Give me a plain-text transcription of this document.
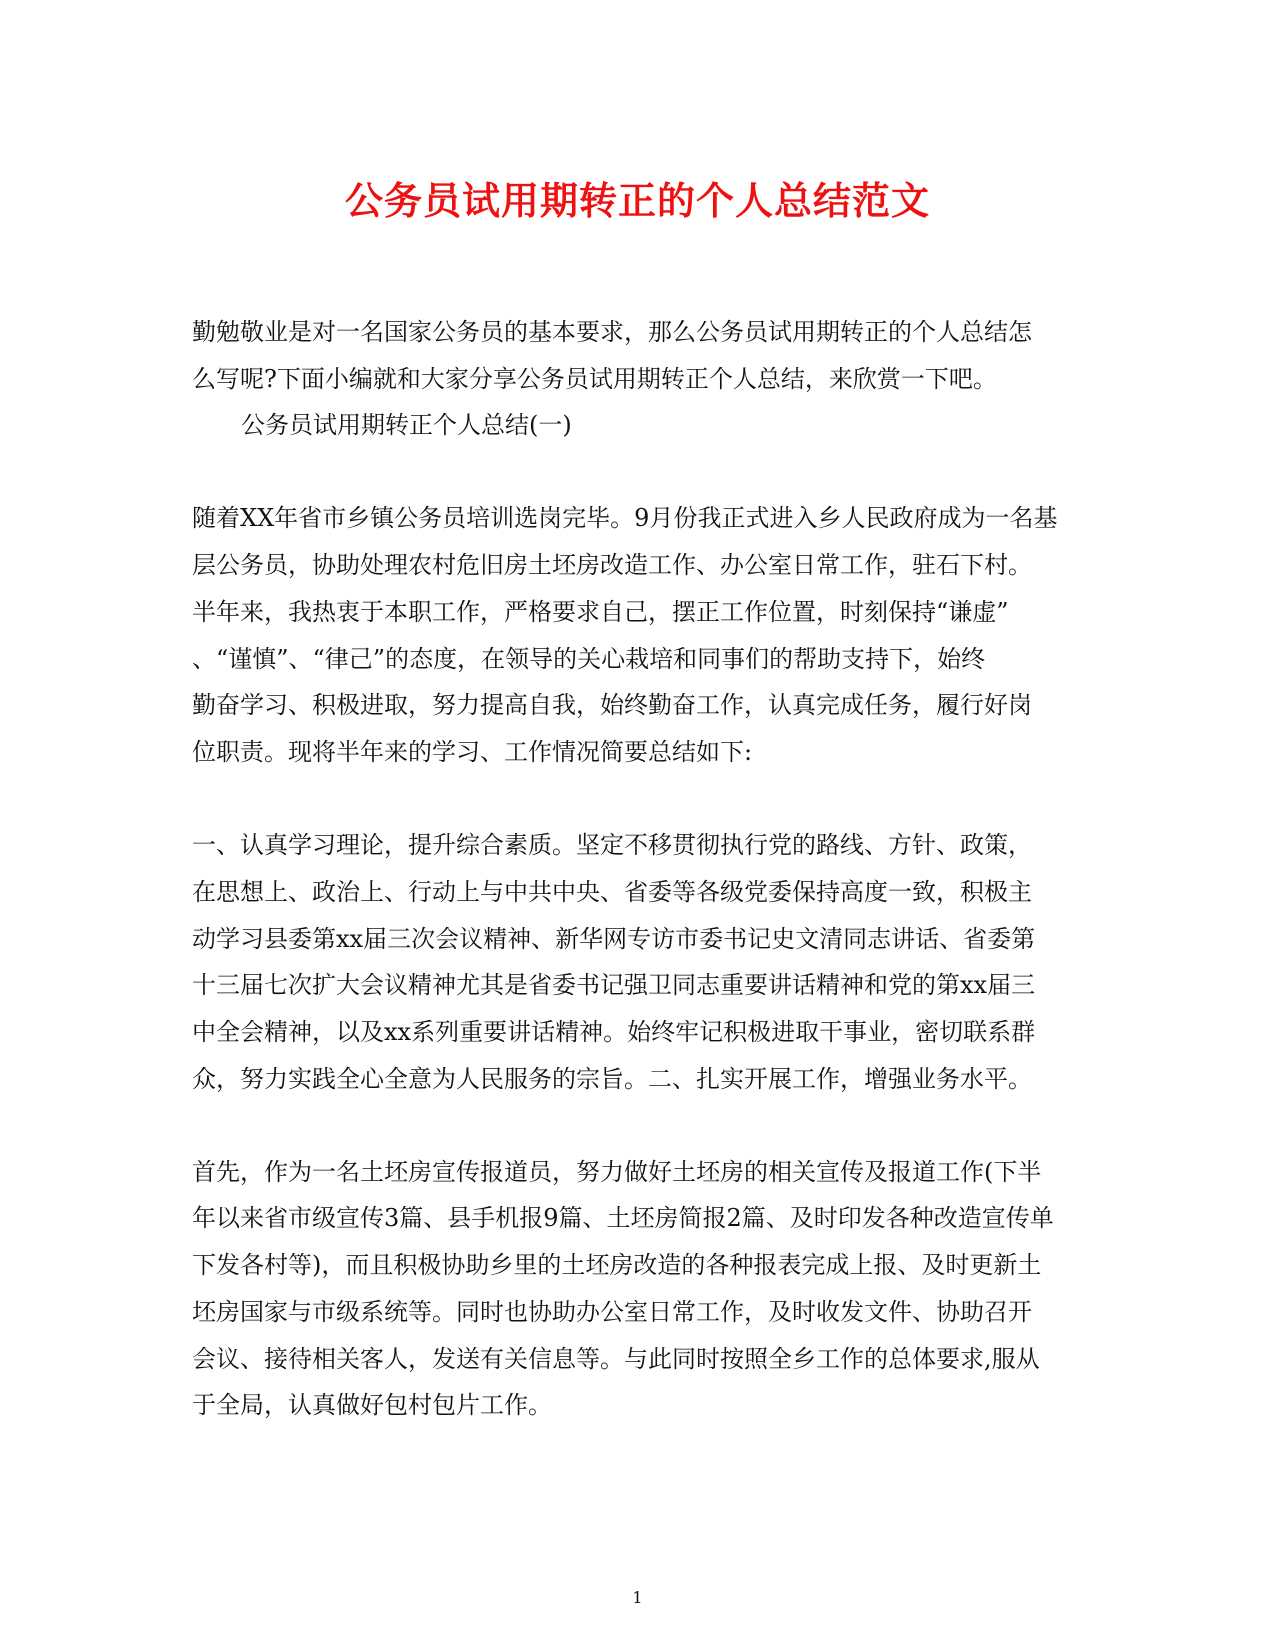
公务员试用期转正的个人总结范文
勤勉敬业是对一名国家公务员的基本要求，那么公务员试用期转正的个人总结怎
么写呢?下面小编就和大家分享公务员试用期转正个人总结，来欣赏一下吧。
公务员试用期转正个人总结(一)
随着XX年省市乡镇公务员培训选岗完毕。9月份我正式进入乡人民政府成为一名基
层公务员，协助处理农村危旧房土坯房改造工作、办公室日常工作，驻石下村。
半年来，我热衷于本职工作，严格要求自己，摆正工作位置，时刻保持“谦虚”
、“谨慎”、“律己”的态度，在领导的关心栽培和同事们的帮助支持下，始终
勤奋学习、积极进取，努力提高自我，始终勤奋工作，认真完成任务，履行好岗
位职责。现将半年来的学习、工作情况简要总结如下:
一、认真学习理论，提升综合素质。坚定不移贯彻执行党的路线、方针、政策，
在思想上、政治上、行动上与中共中央、省委等各级党委保持高度一致，积极主
动学习县委第xx届三次会议精神、新华网专访市委书记史文清同志讲话、省委第
十三届七次扩大会议精神尤其是省委书记强卫同志重要讲话精神和党的第xx届三
中全会精神，以及xx系列重要讲话精神。始终牢记积极进取干事业，密切联系群
众，努力实践全心全意为人民服务的宗旨。二、扎实开展工作，增强业务水平。
首先，作为一名土坯房宣传报道员，努力做好土坯房的相关宣传及报道工作(下半
年以来省市级宣传3篇、县手机报9篇、土坯房简报2篇、及时印发各种改造宣传单
下发各村等)，而且积极协助乡里的土坯房改造的各种报表完成上报、及时更新土
坯房国家与市级系统等。同时也协助办公室日常工作，及时收发文件、协助召开
会议、接待相关客人，发送有关信息等。与此同时按照全乡工作的总体要求,服从
于全局，认真做好包村包片工作。
1
